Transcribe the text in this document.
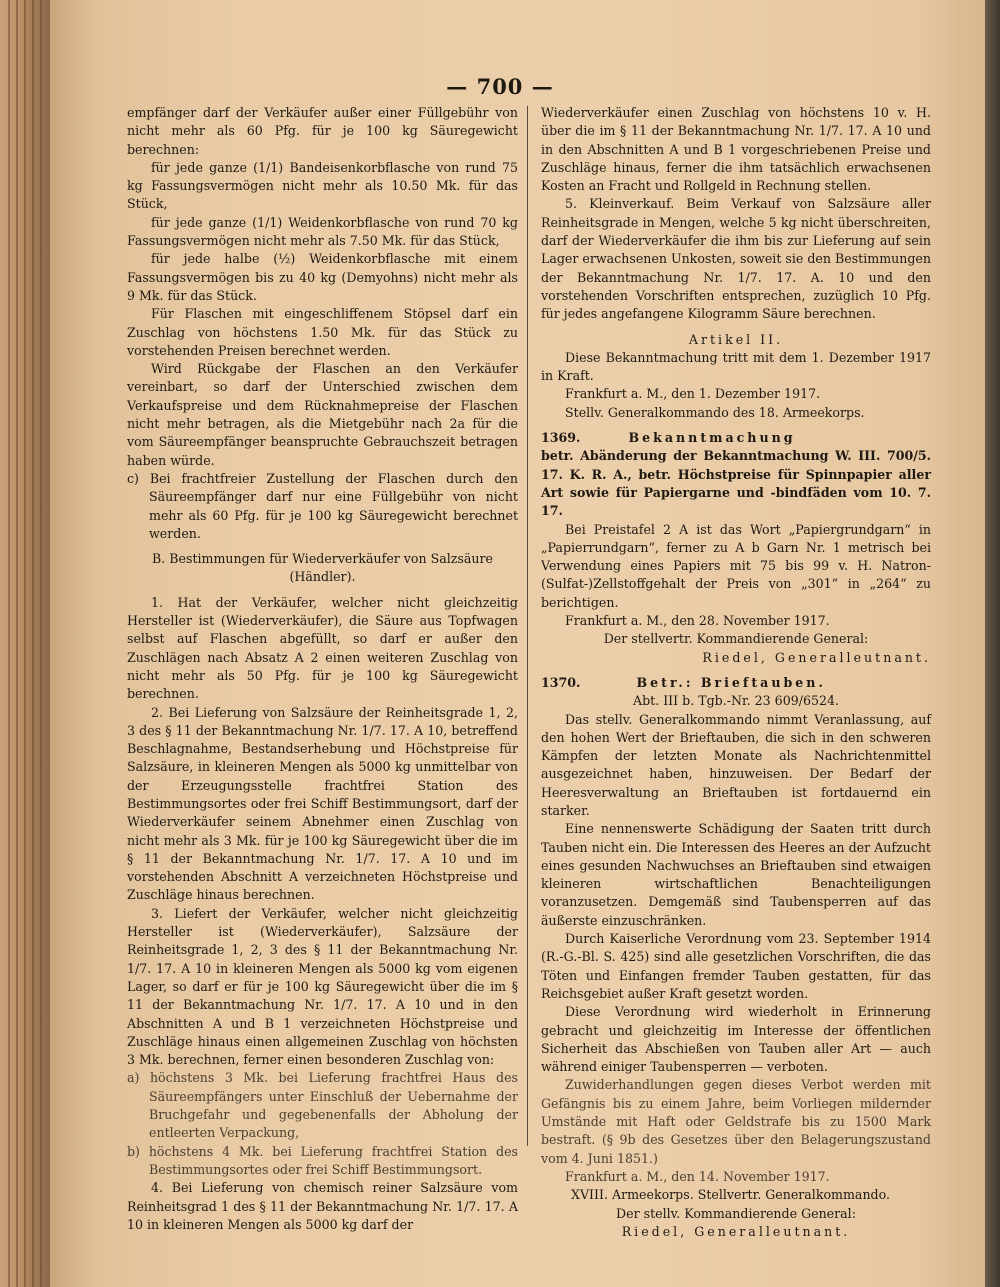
— 700 —

empfänger darf der Verkäufer außer einer Füllgebühr von nicht mehr als 60 Pfg. für je 100 kg Säuregewicht berechnen:

für jede ganze (1/1) Bandeisenkorbflasche von rund 75 kg Fassungsvermögen nicht mehr als 10.50 Mk. für das Stück,

für jede ganze (1/1) Weidenkorbflasche von rund 70 kg Fassungsvermögen nicht mehr als 7.50 Mk. für das Stück,

für jede halbe (½) Weidenkorbflasche mit einem Fassungsvermögen bis zu 40 kg (Demyohns) nicht mehr als 9 Mk. für das Stück.

Für Flaschen mit eingeschliffenem Stöpsel darf ein Zuschlag von höchstens 1.50 Mk. für das Stück zu vorstehenden Preisen berechnet werden.

Wird Rückgabe der Flaschen an den Verkäufer vereinbart, so darf der Unterschied zwischen dem Verkaufspreise und dem Rücknahmepreise der Flaschen nicht mehr betragen, als die Mietgebühr nach 2a für die vom Säureempfänger beanspruchte Gebrauchszeit betragen haben würde.

c) Bei frachtfreier Zustellung der Flaschen durch den Säureempfänger darf nur eine Füllgebühr von nicht mehr als 60 Pfg. für je 100 kg Säuregewicht berechnet werden.

B. Bestimmungen für Wiederverkäufer von Salzsäure (Händler).

1. Hat der Verkäufer, welcher nicht gleichzeitig Hersteller ist (Wiederverkäufer), die Säure aus Topfwagen selbst auf Flaschen abgefüllt, so darf er außer den Zuschlägen nach Absatz A 2 einen weiteren Zuschlag von nicht mehr als 50 Pfg. für je 100 kg Säuregewicht berechnen.

2. Bei Lieferung von Salzsäure der Reinheitsgrade 1, 2, 3 des § 11 der Bekanntmachung Nr. 1/7. 17. A 10, betreffend Beschlagnahme, Bestandserhebung und Höchstpreise für Salzsäure, in kleineren Mengen als 5000 kg unmittelbar von der Erzeugungsstelle frachtfrei Station des Bestimmungsortes oder frei Schiff Bestimmungsort, darf der Wiederverkäufer seinem Abnehmer einen Zuschlag von nicht mehr als 3 Mk. für je 100 kg Säuregewicht über die im § 11 der Bekanntmachung Nr. 1/7. 17. A 10 und im vorstehenden Abschnitt A verzeichneten Höchstpreise und Zuschläge hinaus berechnen.

3. Liefert der Verkäufer, welcher nicht gleichzeitig Hersteller ist (Wiederverkäufer), Salzsäure der Reinheitsgrade 1, 2, 3 des § 11 der Bekanntmachung Nr. 1/7. 17. A 10 in kleineren Mengen als 5000 kg vom eigenen Lager, so darf er für je 100 kg Säuregewicht über die im § 11 der Bekanntmachung Nr. 1/7. 17. A 10 und in den Abschnitten A und B 1 verzeichneten Höchstpreise und Zuschläge hinaus einen allgemeinen Zuschlag von höchsten 3 Mk. berechnen, ferner einen besonderen Zuschlag von:

a) höchstens 3 Mk. bei Lieferung frachtfrei Haus des Säureempfängers unter Einschluß der Uebernahme der Bruchgefahr und gegebenenfalls der Abholung der entleerten Verpackung,

b) höchstens 4 Mk. bei Lieferung frachtfrei Station des Bestimmungsortes oder frei Schiff Bestimmungsort.

4. Bei Lieferung von chemisch reiner Salzsäure vom Reinheitsgrad 1 des § 11 der Bekanntmachung Nr. 1/7. 17. A 10 in kleineren Mengen als 5000 kg darf der

Wiederverkäufer einen Zuschlag von höchstens 10 v. H. über die im § 11 der Bekanntmachung Nr. 1/7. 17. A 10 und in den Abschnitten A und B 1 vorgeschriebenen Preise und Zuschläge hinaus, ferner die ihm tatsächlich erwachsenen Kosten an Fracht und Rollgeld in Rechnung stellen.

5. Kleinverkauf. Beim Verkauf von Salzsäure aller Reinheitsgrade in Mengen, welche 5 kg nicht überschreiten, darf der Wiederverkäufer die ihm bis zur Lieferung auf sein Lager erwachsenen Unkosten, soweit sie den Bestimmungen der Bekanntmachung Nr. 1/7. 17. A. 10 und den vorstehenden Vorschriften entsprechen, zuzüglich 10 Pfg. für jedes angefangene Kilogramm Säure berechnen.

Artikel II.

Diese Bekanntmachung tritt mit dem 1. Dezember 1917 in Kraft.

Frankfurt a. M., den 1. Dezember 1917.

Stellv. Generalkommando des 18. Armeekorps.

1369.	Bekanntmachung

betr. Abänderung der Bekanntmachung W. III. 700/5. 17. K. R. A., betr. Höchstpreise für Spinnpapier aller Art sowie für Papiergarne und -bindfäden vom 10. 7. 17.

Bei Preistafel 2 A ist das Wort „Papiergrundgarn“ in „Papierrundgarn“, ferner zu A b Garn Nr. 1 metrisch bei Verwendung eines Papiers mit 75 bis 99 v. H. Natron-(Sulfat-)Zellstoffgehalt der Preis von „301“ in „264“ zu berichtigen.

Frankfurt a. M., den 28. November 1917.

Der stellvertr. Kommandierende General:

Riedel, Generalleutnant.

1370.	Betr.: Brieftauben.

Abt. III b. Tgb.-Nr. 23 609/6524.

Das stellv. Generalkommando nimmt Veranlassung, auf den hohen Wert der Brieftauben, die sich in den schweren Kämpfen der letzten Monate als Nachrichtenmittel ausgezeichnet haben, hinzuweisen. Der Bedarf der Heeresverwaltung an Brieftauben ist fortdauernd ein starker.

Eine nennenswerte Schädigung der Saaten tritt durch Tauben nicht ein. Die Interessen des Heeres an der Aufzucht eines gesunden Nachwuchses an Brieftauben sind etwaigen kleineren wirtschaftlichen Benachteiligungen voranzusetzen. Demgemäß sind Taubensperren auf das äußerste einzuschränken.

Durch Kaiserliche Verordnung vom 23. September 1914 (R.-G.-Bl. S. 425) sind alle gesetzlichen Vorschriften, die das Töten und Einfangen fremder Tauben gestatten, für das Reichsgebiet außer Kraft gesetzt worden.

Diese Verordnung wird wiederholt in Erinnerung gebracht und gleichzeitig im Interesse der öffentlichen Sicherheit das Abschießen von Tauben aller Art — auch während einiger Taubensperren — verboten.

Zuwiderhandlungen gegen dieses Verbot werden mit Gefängnis bis zu einem Jahre, beim Vorliegen mildernder Umstände mit Haft oder Geldstrafe bis zu 1500 Mark bestraft. (§ 9b des Gesetzes über den Belagerungszustand vom 4. Juni 1851.)

Frankfurt a. M., den 14. November 1917.

XVIII. Armeekorps. Stellvertr. Generalkommando.

Der stellv. Kommandierende General:

Riedel, Generalleutnant.
